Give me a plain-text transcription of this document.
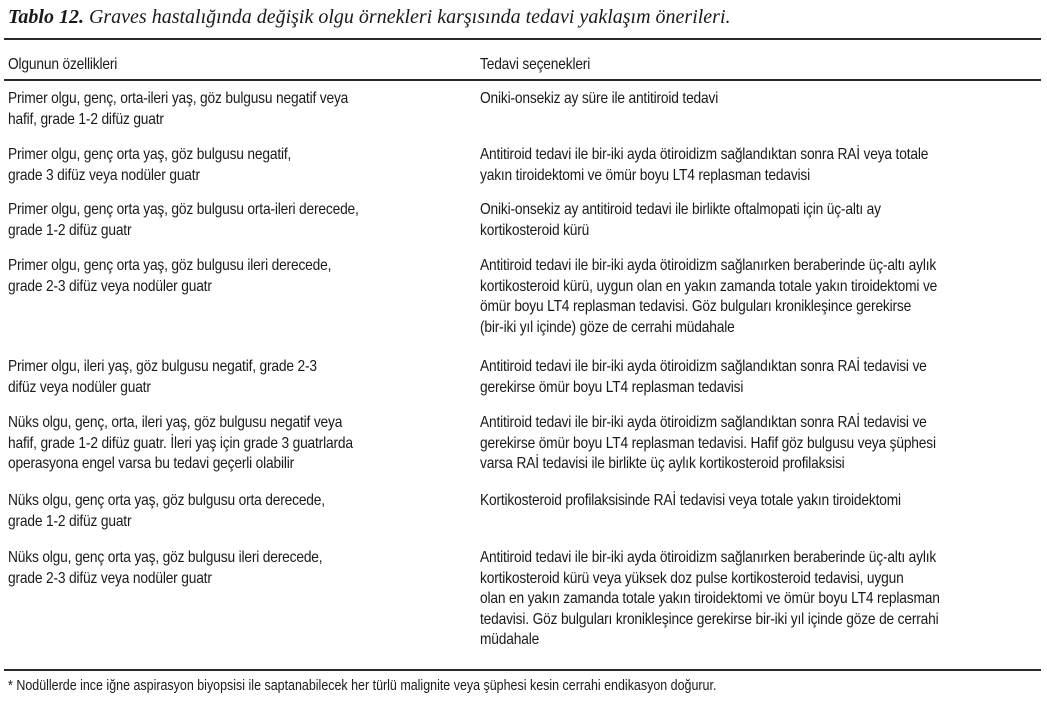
Tablo 12. Graves hastalığında değişik olgu örnekleri karşısında tedavi yaklaşım önerileri.
Olgunun özellikleri	Tedavi seçenekleri
Primer olgu, genç, orta-ileri yaş, göz bulgusu negatif veya
hafif, grade 1-2 difüz guatr
Oniki-onsekiz ay süre ile antitiroid tedavi
Primer olgu, genç orta yaş, göz bulgusu negatif,
grade 3 difüz veya nodüler guatr
Antitiroid tedavi ile bir-iki ayda ötiroidizm sağlandıktan sonra RAİ veya totale
yakın tiroidektomi ve ömür boyu LT4 replasman tedavisi
Primer olgu, genç orta yaş, göz bulgusu orta-ileri derecede,
grade 1-2 difüz guatr
Oniki-onsekiz ay antitiroid tedavi ile birlikte oftalmopati için üç-altı ay
kortikosteroid kürü
Primer olgu, genç orta yaş, göz bulgusu ileri derecede,
grade 2-3 difüz veya nodüler guatr
Antitiroid tedavi ile bir-iki ayda ötiroidizm sağlanırken beraberinde üç-altı aylık
kortikosteroid kürü, uygun olan en yakın zamanda totale yakın tiroidektomi ve
ömür boyu LT4 replasman tedavisi. Göz bulguları kronikleşince gerekirse
(bir-iki yıl içinde) göze de cerrahi müdahale
Primer olgu, ileri yaş, göz bulgusu negatif, grade 2-3
difüz veya nodüler guatr
Antitiroid tedavi ile bir-iki ayda ötiroidizm sağlandıktan sonra RAİ tedavisi ve
gerekirse ömür boyu LT4 replasman tedavisi
Nüks olgu, genç, orta, ileri yaş, göz bulgusu negatif veya
hafif, grade 1-2 difüz guatr. İleri yaş için grade 3 guatrlarda
operasyona engel varsa bu tedavi geçerli olabilir
Antitiroid tedavi ile bir-iki ayda ötiroidizm sağlandıktan sonra RAİ tedavisi ve
gerekirse ömür boyu LT4 replasman tedavisi. Hafif göz bulgusu veya şüphesi
varsa RAİ tedavisi ile birlikte üç aylık kortikosteroid profilaksisi
Nüks olgu, genç orta yaş, göz bulgusu orta derecede,
grade 1-2 difüz guatr
Kortikosteroid profilaksisinde RAİ tedavisi veya totale yakın tiroidektomi
Nüks olgu, genç orta yaş, göz bulgusu ileri derecede,
grade 2-3 difüz veya nodüler guatr
Antitiroid tedavi ile bir-iki ayda ötiroidizm sağlanırken beraberinde üç-altı aylık
kortikosteroid kürü veya yüksek doz pulse kortikosteroid tedavisi, uygun
olan en yakın zamanda totale yakın tiroidektomi ve ömür boyu LT4 replasman
tedavisi. Göz bulguları kronikleşince gerekirse bir-iki yıl içinde göze de cerrahi
müdahale
* Nodüllerde ince iğne aspirasyon biyopsisi ile saptanabilecek her türlü malignite veya şüphesi kesin cerrahi endikasyon doğurur.
